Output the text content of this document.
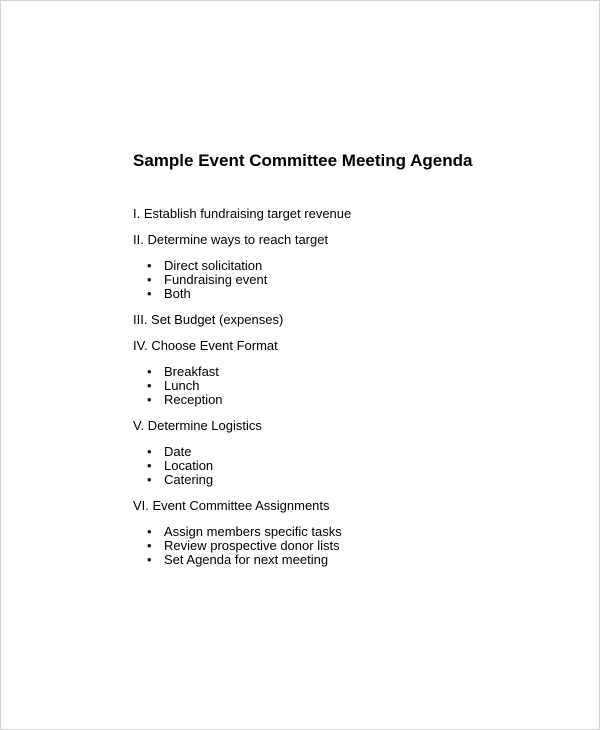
Sample Event Committee Meeting Agenda

I. Establish fundraising target revenue

II. Determine ways to reach target

• Direct solicitation
• Fundraising event
• Both

III. Set Budget (expenses)

IV. Choose Event Format

• Breakfast
• Lunch
• Reception

V. Determine Logistics

• Date
• Location
• Catering

VI. Event Committee Assignments

• Assign members specific tasks
• Review prospective donor lists
• Set Agenda for next meeting
